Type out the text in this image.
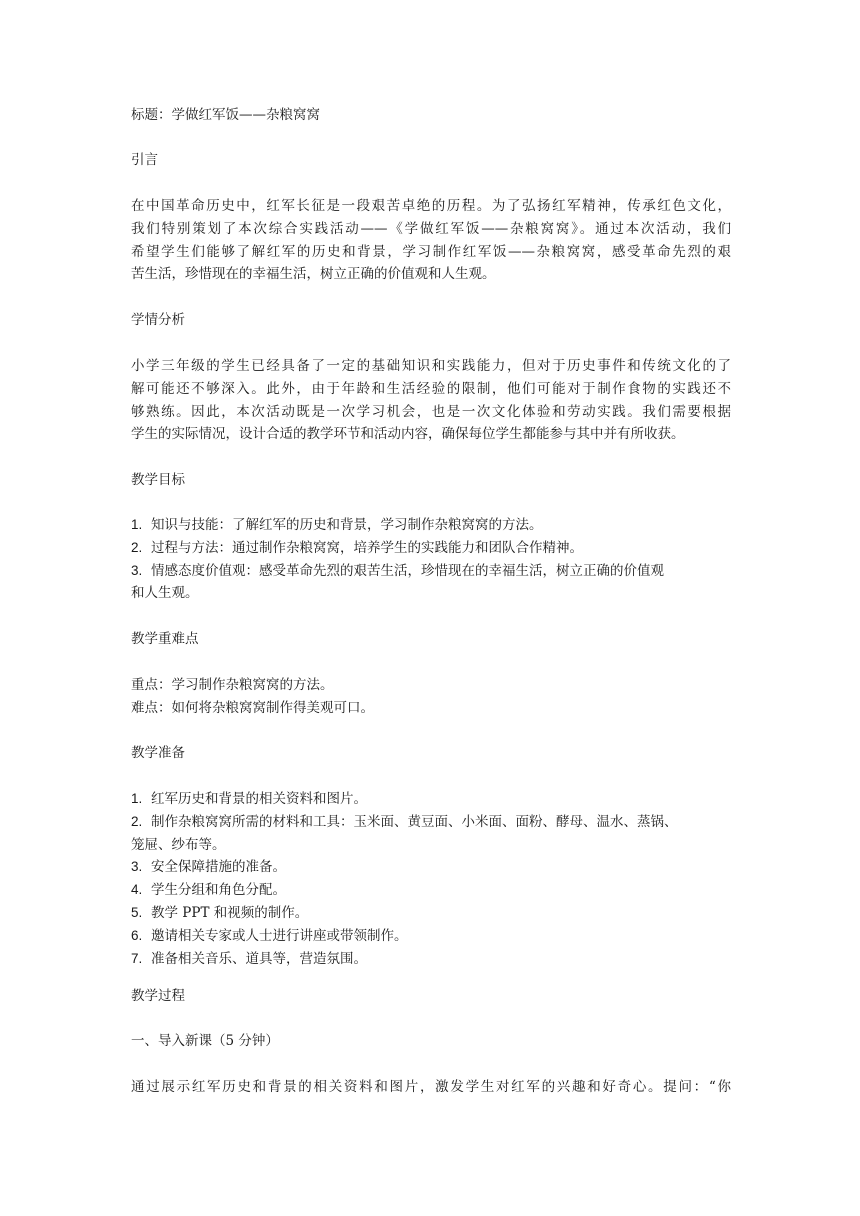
标题：学做红军饭——杂粮窝窝

引言

在中国革命历史中，红军长征是一段艰苦卓绝的历程。为了弘扬红军精神，传承红色文化，
我们特别策划了本次综合实践活动——《学做红军饭——杂粮窝窝》。通过本次活动，我们
希望学生们能够了解红军的历史和背景，学习制作红军饭——杂粮窝窝，感受革命先烈的艰
苦生活，珍惜现在的幸福生活，树立正确的价值观和人生观。

学情分析

小学三年级的学生已经具备了一定的基础知识和实践能力，但对于历史事件和传统文化的了
解可能还不够深入。此外，由于年龄和生活经验的限制，他们可能对于制作食物的实践还不
够熟练。因此，本次活动既是一次学习机会，也是一次文化体验和劳动实践。我们需要根据
学生的实际情况，设计合适的教学环节和活动内容，确保每位学生都能参与其中并有所收获。

教学目标

1. 知识与技能：了解红军的历史和背景，学习制作杂粮窝窝的方法。
2. 过程与方法：通过制作杂粮窝窝，培养学生的实践能力和团队合作精神。
3. 情感态度价值观：感受革命先烈的艰苦生活，珍惜现在的幸福生活，树立正确的价值观
和人生观。

教学重难点

重点：学习制作杂粮窝窝的方法。
难点：如何将杂粮窝窝制作得美观可口。

教学准备

1. 红军历史和背景的相关资料和图片。
2. 制作杂粮窝窝所需的材料和工具：玉米面、黄豆面、小米面、面粉、酵母、温水、蒸锅、
笼屉、纱布等。
3. 安全保障措施的准备。
4. 学生分组和角色分配。
5. 教学 PPT 和视频的制作。
6. 邀请相关专家或人士进行讲座或带领制作。
7. 准备相关音乐、道具等，营造氛围。

教学过程

一、导入新课（5 分钟）

通过展示红军历史和背景的相关资料和图片，激发学生对红军的兴趣和好奇心。提问：“你
